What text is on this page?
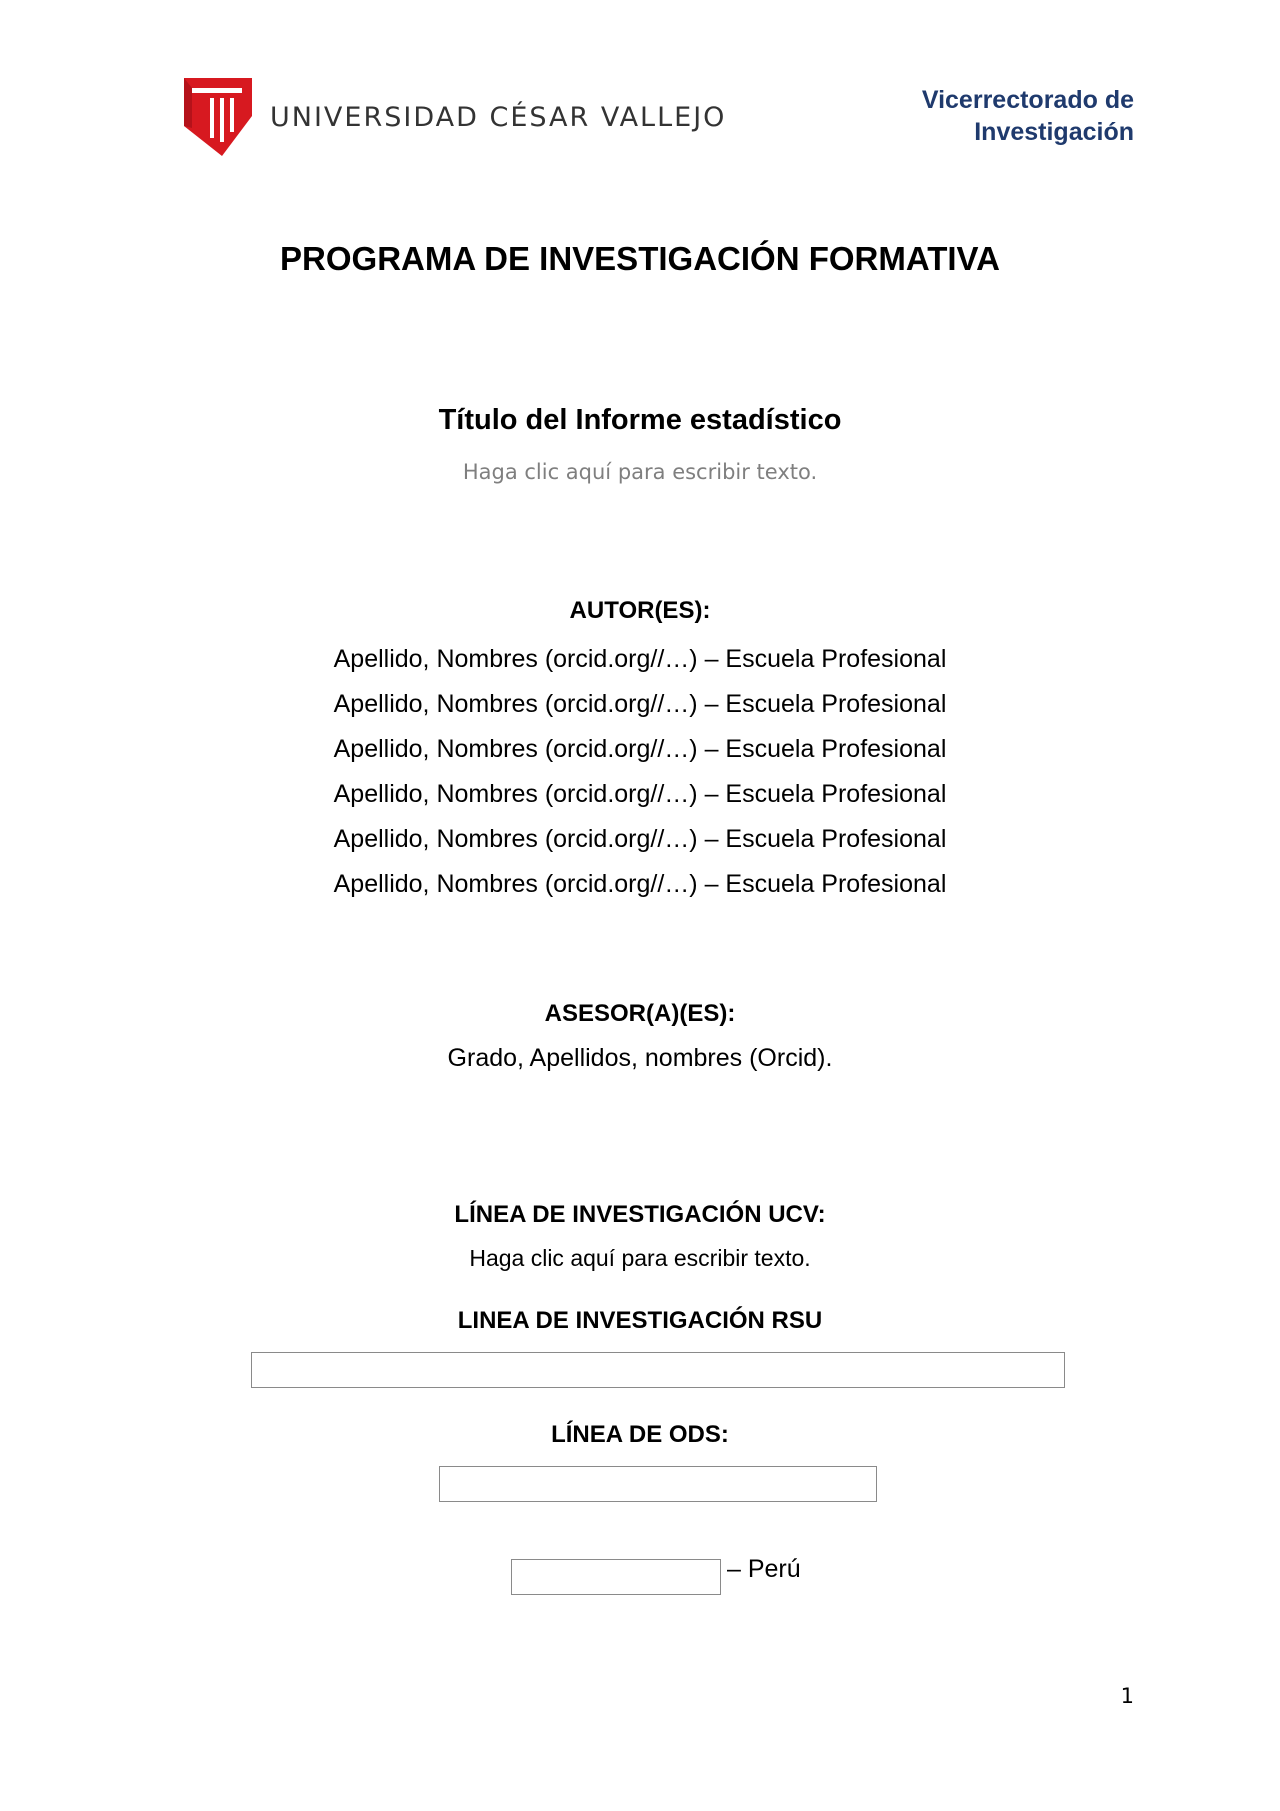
UNIVERSIDAD CÉSAR VALLEJO
Vicerrectorado de
Investigación
PROGRAMA DE INVESTIGACIÓN FORMATIVA
Título del Informe estadístico
Haga clic aquí para escribir texto.
AUTOR(ES):
Apellido, Nombres (orcid.org//…) – Escuela Profesional
Apellido, Nombres (orcid.org//…) – Escuela Profesional
Apellido, Nombres (orcid.org//…) – Escuela Profesional
Apellido, Nombres (orcid.org//…) – Escuela Profesional
Apellido, Nombres (orcid.org//…) – Escuela Profesional
Apellido, Nombres (orcid.org//…) – Escuela Profesional
ASESOR(A)(ES):
Grado, Apellidos, nombres (Orcid).
LÍNEA DE INVESTIGACIÓN UCV:
Haga clic aquí para escribir texto.
LINEA DE INVESTIGACIÓN RSU
LÍNEA DE ODS:
– Perú
1
